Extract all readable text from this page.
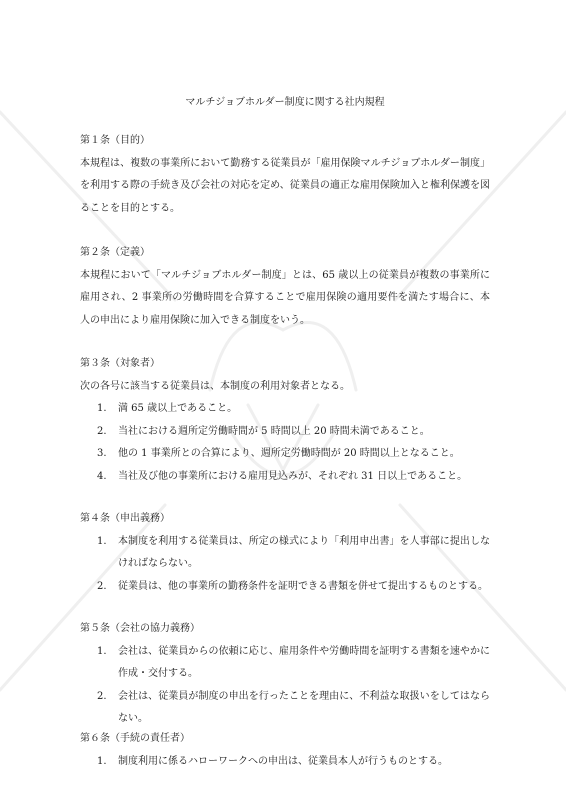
マルチジョブホルダー制度に関する社内規程
第１条（目的）

本規程は、複数の事業所において勤務する従業員が「雇用保険マルチジョブホルダー制度」を利用する際の手続き及び会社の対応を定め、従業員の適正な雇用保険加入と権利保護を図ることを目的とする。

第２条（定義）

本規程において「マルチジョブホルダー制度」とは、65 歳以上の従業員が複数の事業所に雇用され、2 事業所の労働時間を合算することで雇用保険の適用要件を満たす場合に、本人の申出により雇用保険に加入できる制度をいう。

第３条（対象者）

次の各号に該当する従業員は、本制度の利用対象者となる。

1. 満 65 歳以上であること。
2. 当社における週所定労働時間が 5 時間以上 20 時間未満であること。
3. 他の 1 事業所との合算により、週所定労働時間が 20 時間以上となること。
4. 当社及び他の事業所における雇用見込みが、それぞれ 31 日以上であること。
第４条（申出義務）
1. 本制度を利用する従業員は、所定の様式により「利用申出書」を人事部に提出しなければならない。
2. 従業員は、他の事業所の勤務条件を証明できる書類を併せて提出するものとする。
第５条（会社の協力義務）
1. 会社は、従業員からの依頼に応じ、雇用条件や労働時間を証明する書類を速やかに作成・交付する。
2. 会社は、従業員が制度の申出を行ったことを理由に、不利益な取扱いをしてはならない。
第６条（手続の責任者）
1. 制度利用に係るハローワークへの申出は、従業員本人が行うものとする。
